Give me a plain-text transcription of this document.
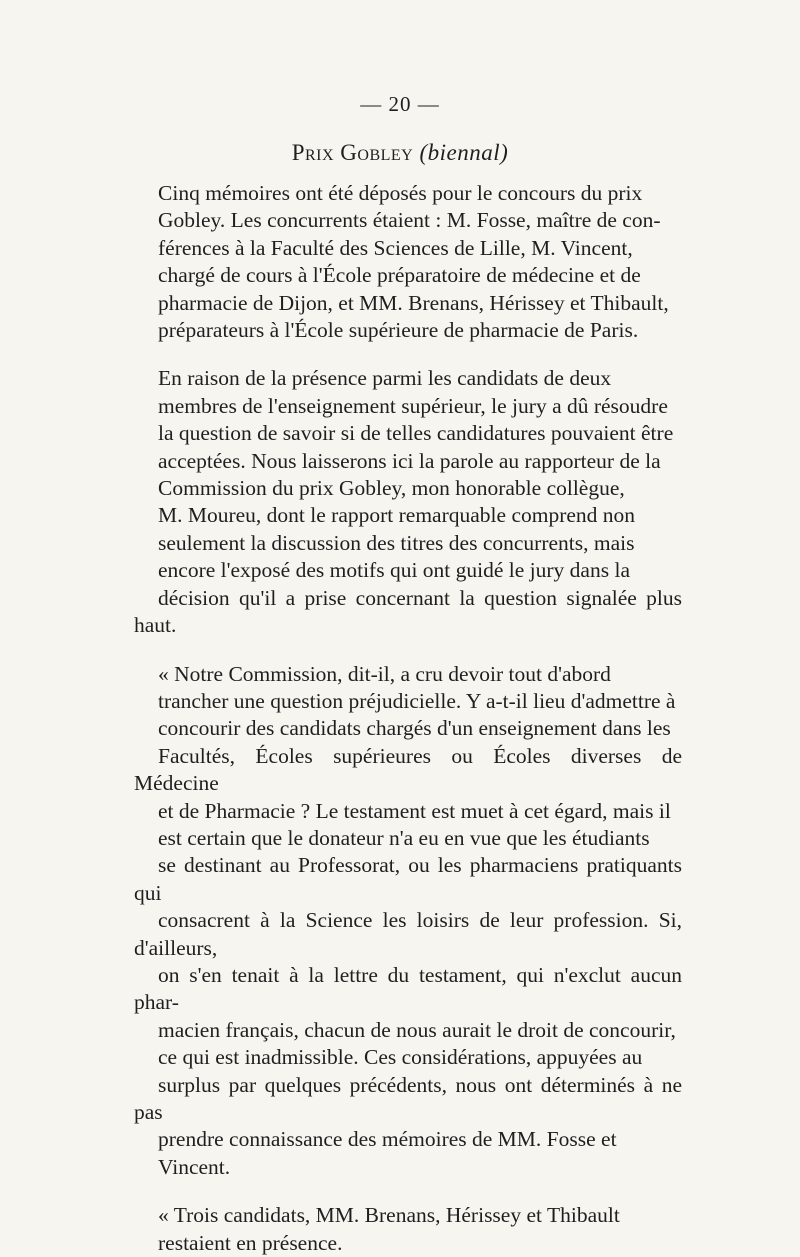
— 20 —
Prix Gobley (biennal)

Cinq mémoires ont été déposés pour le concours du prix
Gobley. Les concurrents étaient : M. Fosse, maître de con-
férences à la Faculté des Sciences de Lille, M. Vincent,
chargé de cours à l'École préparatoire de médecine et de
pharmacie de Dijon, et MM. Brenans, Hérissey et Thibault,
préparateurs à l'École supérieure de pharmacie de Paris.

En raison de la présence parmi les candidats de deux
membres de l'enseignement supérieur, le jury a dû résoudre
la question de savoir si de telles candidatures pouvaient être
acceptées. Nous laisserons ici la parole au rapporteur de la
Commission du prix Gobley, mon honorable collègue,
M. Moureu, dont le rapport remarquable comprend non
seulement la discussion des titres des concurrents, mais
encore l'exposé des motifs qui ont guidé le jury dans la
décision qu'il a prise concernant la question signalée plus haut.

« Notre Commission, dit-il, a cru devoir tout d'abord
trancher une question préjudicielle. Y a-t-il lieu d'admettre à
concourir des candidats chargés d'un enseignement dans les
Facultés, Écoles supérieures ou Écoles diverses de Médecine
et de Pharmacie ? Le testament est muet à cet égard, mais il
est certain que le donateur n'a eu en vue que les étudiants
se destinant au Professorat, ou les pharmaciens pratiquants qui
consacrent à la Science les loisirs de leur profession. Si, d'ailleurs,
on s'en tenait à la lettre du testament, qui n'exclut aucun phar-
macien français, chacun de nous aurait le droit de concourir,
ce qui est inadmissible. Ces considérations, appuyées au
surplus par quelques précédents, nous ont déterminés à ne pas
prendre connaissance des mémoires de MM. Fosse et
Vincent.

« Trois candidats, MM. Brenans, Hérissey et Thibault
restaient en présence.
